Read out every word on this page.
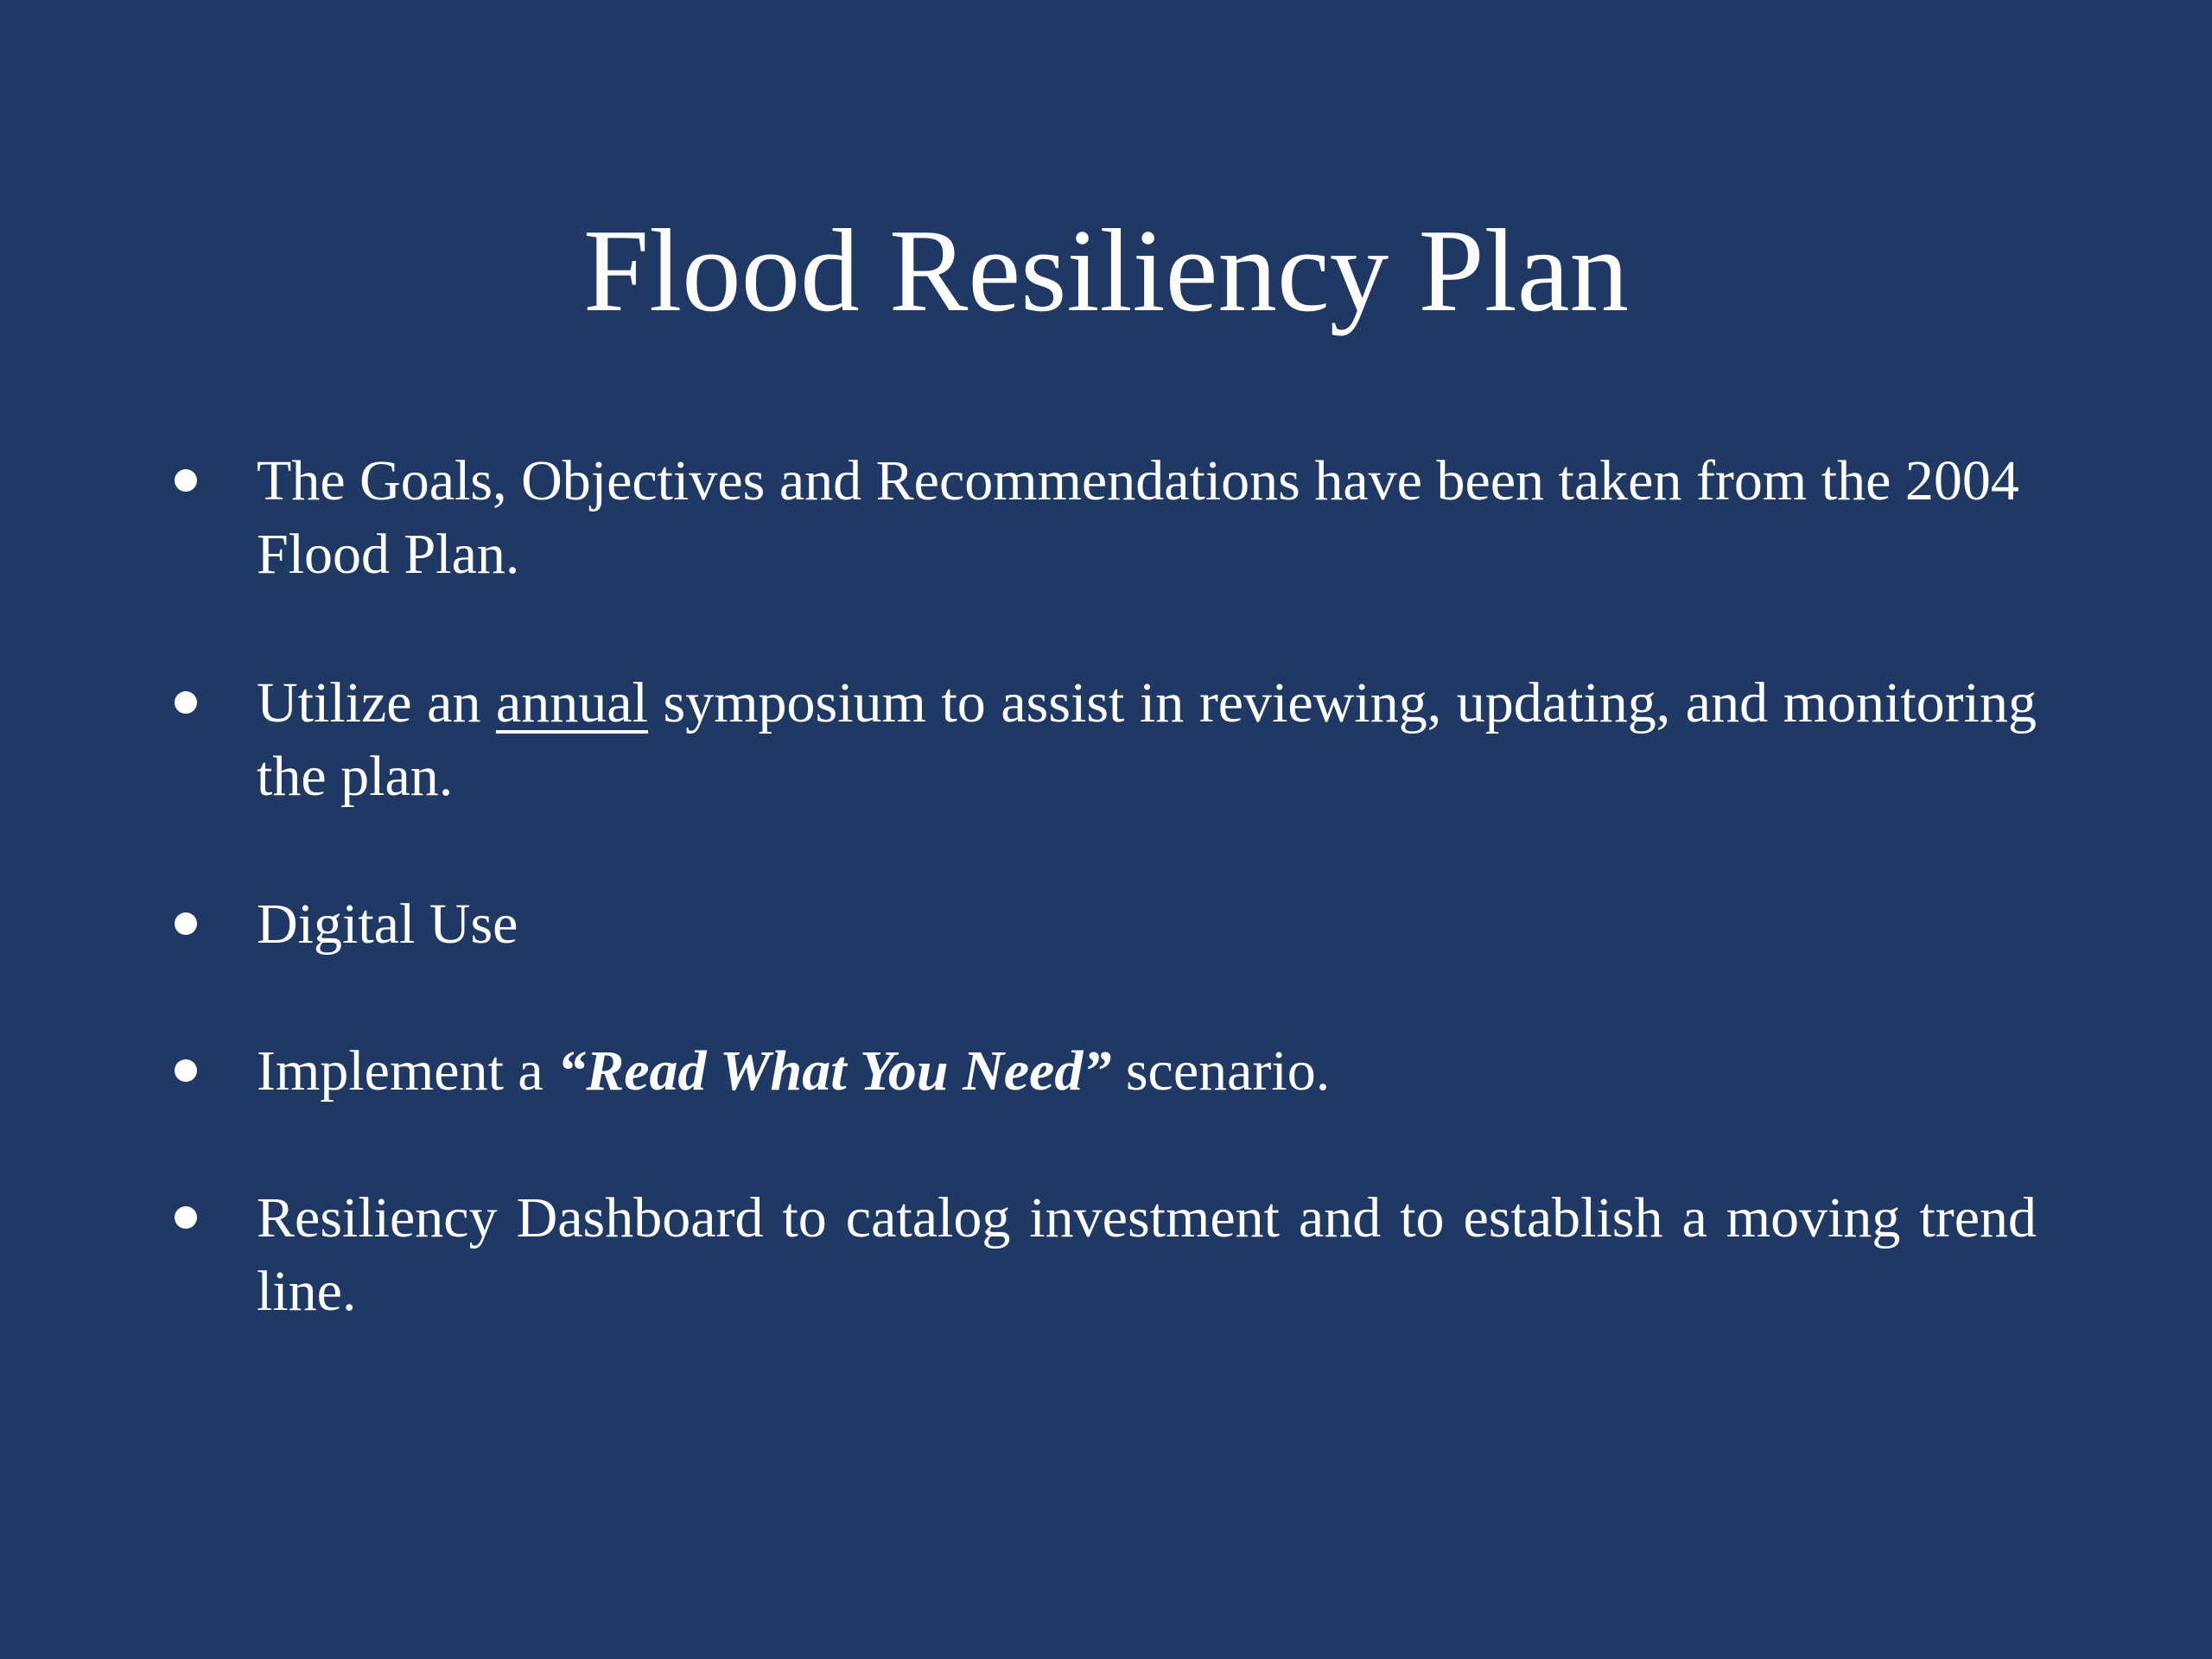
Flood Resiliency Plan
The Goals, Objectives and Recommendations have been taken from the 2004 Flood Plan.
Utilize an annual symposium to assist in reviewing, updating, and monitoring the plan.
Digital Use
Implement a “Read What You Need” scenario.
Resiliency Dashboard to catalog investment and to establish a moving trend line.
